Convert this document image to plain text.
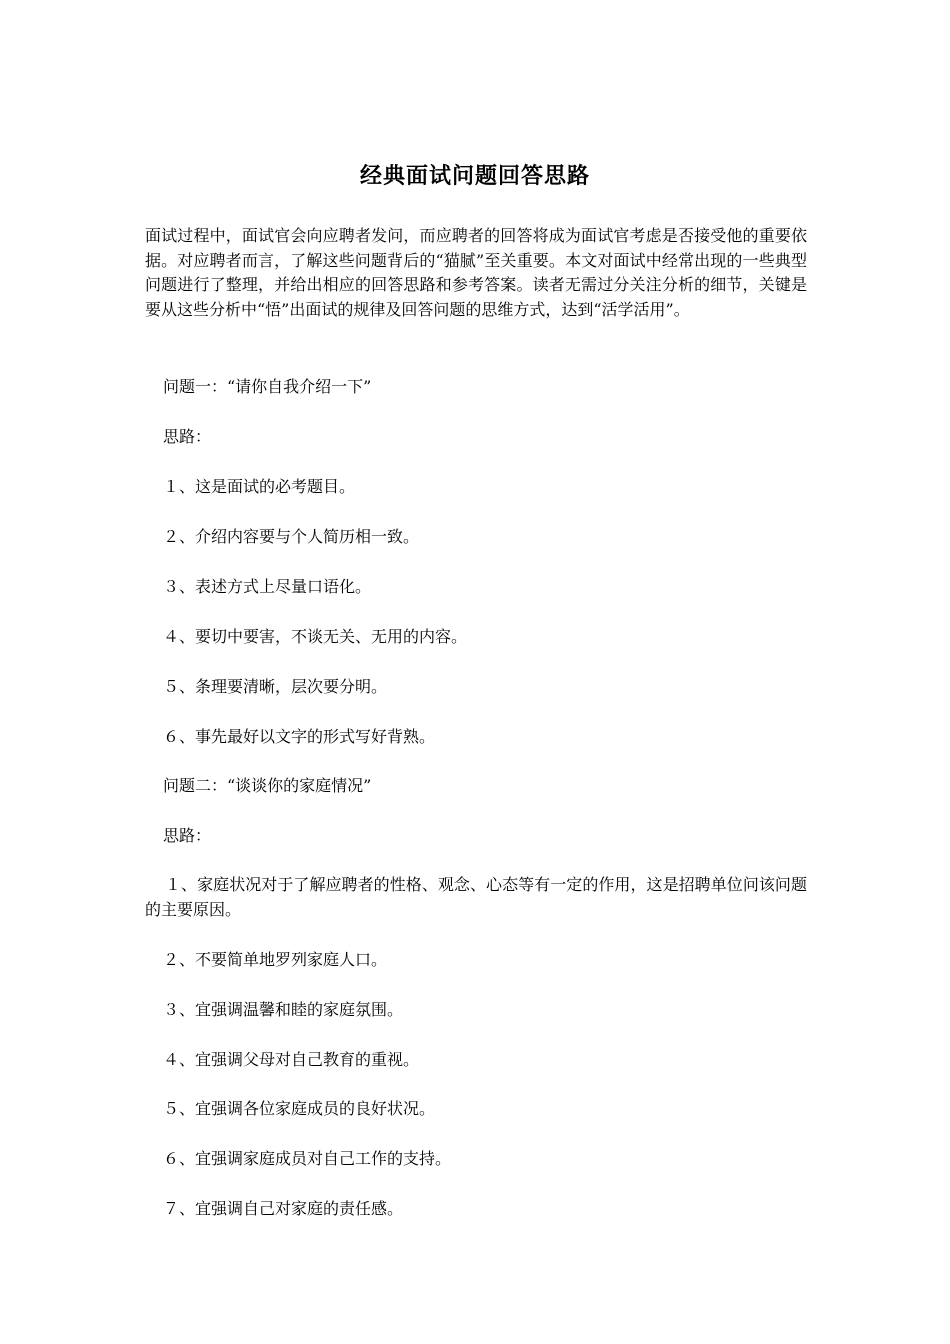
经典面试问题回答思路
面试过程中，面试官会向应聘者发问，而应聘者的回答将成为面试官考虑是否接受他的重要依据。对应聘者而言，了解这些问题背后的“猫腻”至关重要。本文对面试中经常出现的一些典型问题进行了整理，并给出相应的回答思路和参考答案。读者无需过分关注分析的细节，关键是要从这些分析中“悟”出面试的规律及回答问题的思维方式，达到“活学活用”。
问题一：“请你自我介绍一下”
思路：
１、这是面试的必考题目。
２、介绍内容要与个人简历相一致。
３、表述方式上尽量口语化。
４、要切中要害，不谈无关、无用的内容。
５、条理要清晰，层次要分明。
６、事先最好以文字的形式写好背熟。
问题二：“谈谈你的家庭情况”
思路：
１、家庭状况对于了解应聘者的性格、观念、心态等有一定的作用，这是招聘单位问该问题的主要原因。
２、不要简单地罗列家庭人口。
３、宜强调温馨和睦的家庭氛围。
４、宜强调父母对自己教育的重视。
５、宜强调各位家庭成员的良好状况。
６、宜强调家庭成员对自己工作的支持。
７、宜强调自己对家庭的责任感。
